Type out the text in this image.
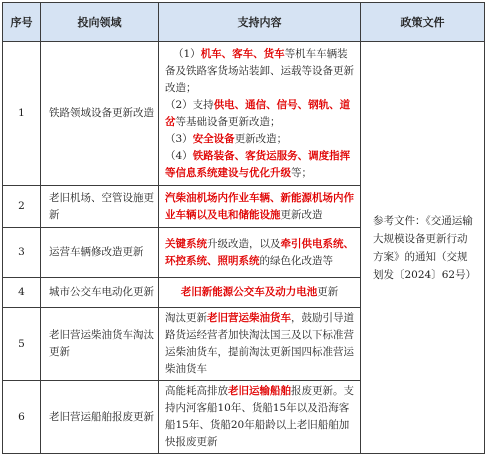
序号	投向领域	支持内容	政策文件
1	铁路领域设备更新改造	（1）机车、客车、货车等机车车辆装备及铁路客货场站装卸、运载等设备更新改造；
（2）支持供电、通信、信号、钢轨、道岔等基础设备更新改造；
（3）安全设备更新改造；
（4）铁路装备、客货运服务、调度指挥等信息系统建设与优化升级等；	参考文件：《交通运输大规模设备更新行动方案》的通知（交规划发〔2024〕62号）
2	老旧机场、空管设施更新	汽柴油机场内作业车辆、新能源机场内作业车辆以及电和储能设施更新改造	
3	运营车辆修改造更新	关键系统升级改造，以及牵引供电系统、环控系统、照明系统的绿色化改造等	
4	城市公交车电动化更新	老旧新能源公交车及动力电池更新	
5	老旧营运柴油货车淘汰更新	淘汰更新老旧营运柴油货车，鼓励引导道路货运经营者加快淘汰国三及以下标准营运柴油货车，提前淘汰更新国四标准营运柴油货车	
6	老旧营运船舶报废更新	高能耗高排放老旧运输船舶报废更新。支持内河客船10年、货船15年以及沿海客船15年、货船20年船龄以上老旧船舶加快报废更新	
